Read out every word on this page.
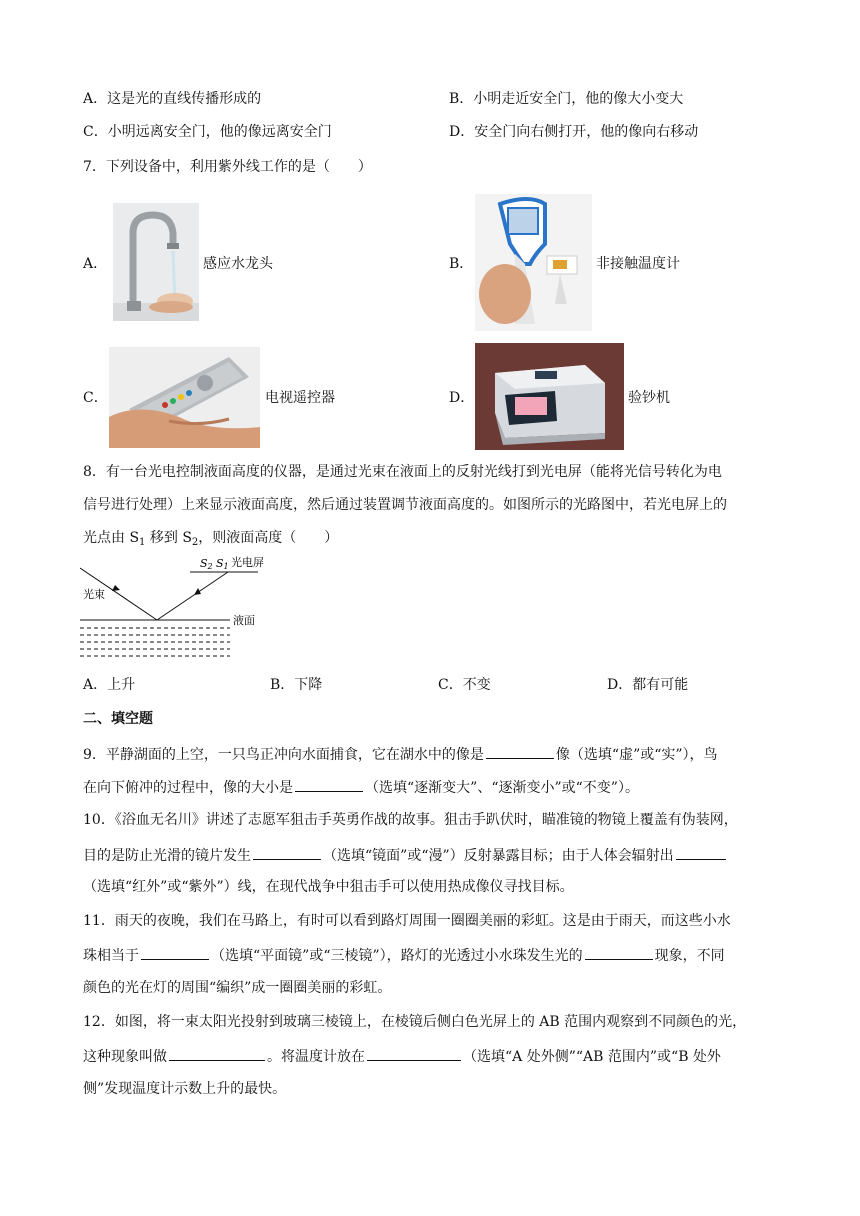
A．这是光的直线传播形成的	B．小明走近安全门，他的像大小变大
C．小明远离安全门，他的像远离安全门	D．安全门向右侧打开，他的像向右移动
7．下列设备中，利用紫外线工作的是（　　）
A．	感应水龙头	B．	非接触温度计
C．	电视遥控器	D．	验钞机
8．有一台光电控制液面高度的仪器，是通过光束在液面上的反射光线打到光电屏（能将光信号转化为电
信号进行处理）上来显示液面高度，然后通过装置调节液面高度的。如图所示的光路图中，若光电屏上的
光点由 $S_1$ 移到 $S_2$，则液面高度（　　）
S2 S1 光电屏
光束
液面
A．上升	B．下降	C．不变	D．都有可能
二、填空题
9．平静湖面的上空，一只鸟正冲向水面捕食，它在湖水中的像是	像（选填“虚”或“实”），鸟
在向下俯冲的过程中，像的大小是	（选填“逐渐变大”、“逐渐变小”或“不变”）。
10．《浴血无名川》讲述了志愿军狙击手英勇作战的故事。狙击手趴伏时，瞄准镜的物镜上覆盖有伪装网，
目的是防止光滑的镜片发生	（选填“镜面”或“漫”）反射暴露目标；由于人体会辐射出
（选填“红外”或“紫外”）线，在现代战争中狙击手可以使用热成像仪寻找目标。
11．雨天的夜晚，我们在马路上，有时可以看到路灯周围一圈圈美丽的彩虹。这是由于雨天，而这些小水
珠相当于	（选填“平面镜”或“三棱镜”），路灯的光透过小水珠发生光的	现象，不同
颜色的光在灯的周围“编织”成一圈圈美丽的彩虹。
12．如图，将一束太阳光投射到玻璃三棱镜上，在棱镜后侧白色光屏上的 AB 范围内观察到不同颜色的光，
这种现象叫做	。将温度计放在	（选填“A 处外侧”“AB 范围内”或“B 处外
侧”发现温度计示数上升的最快。
